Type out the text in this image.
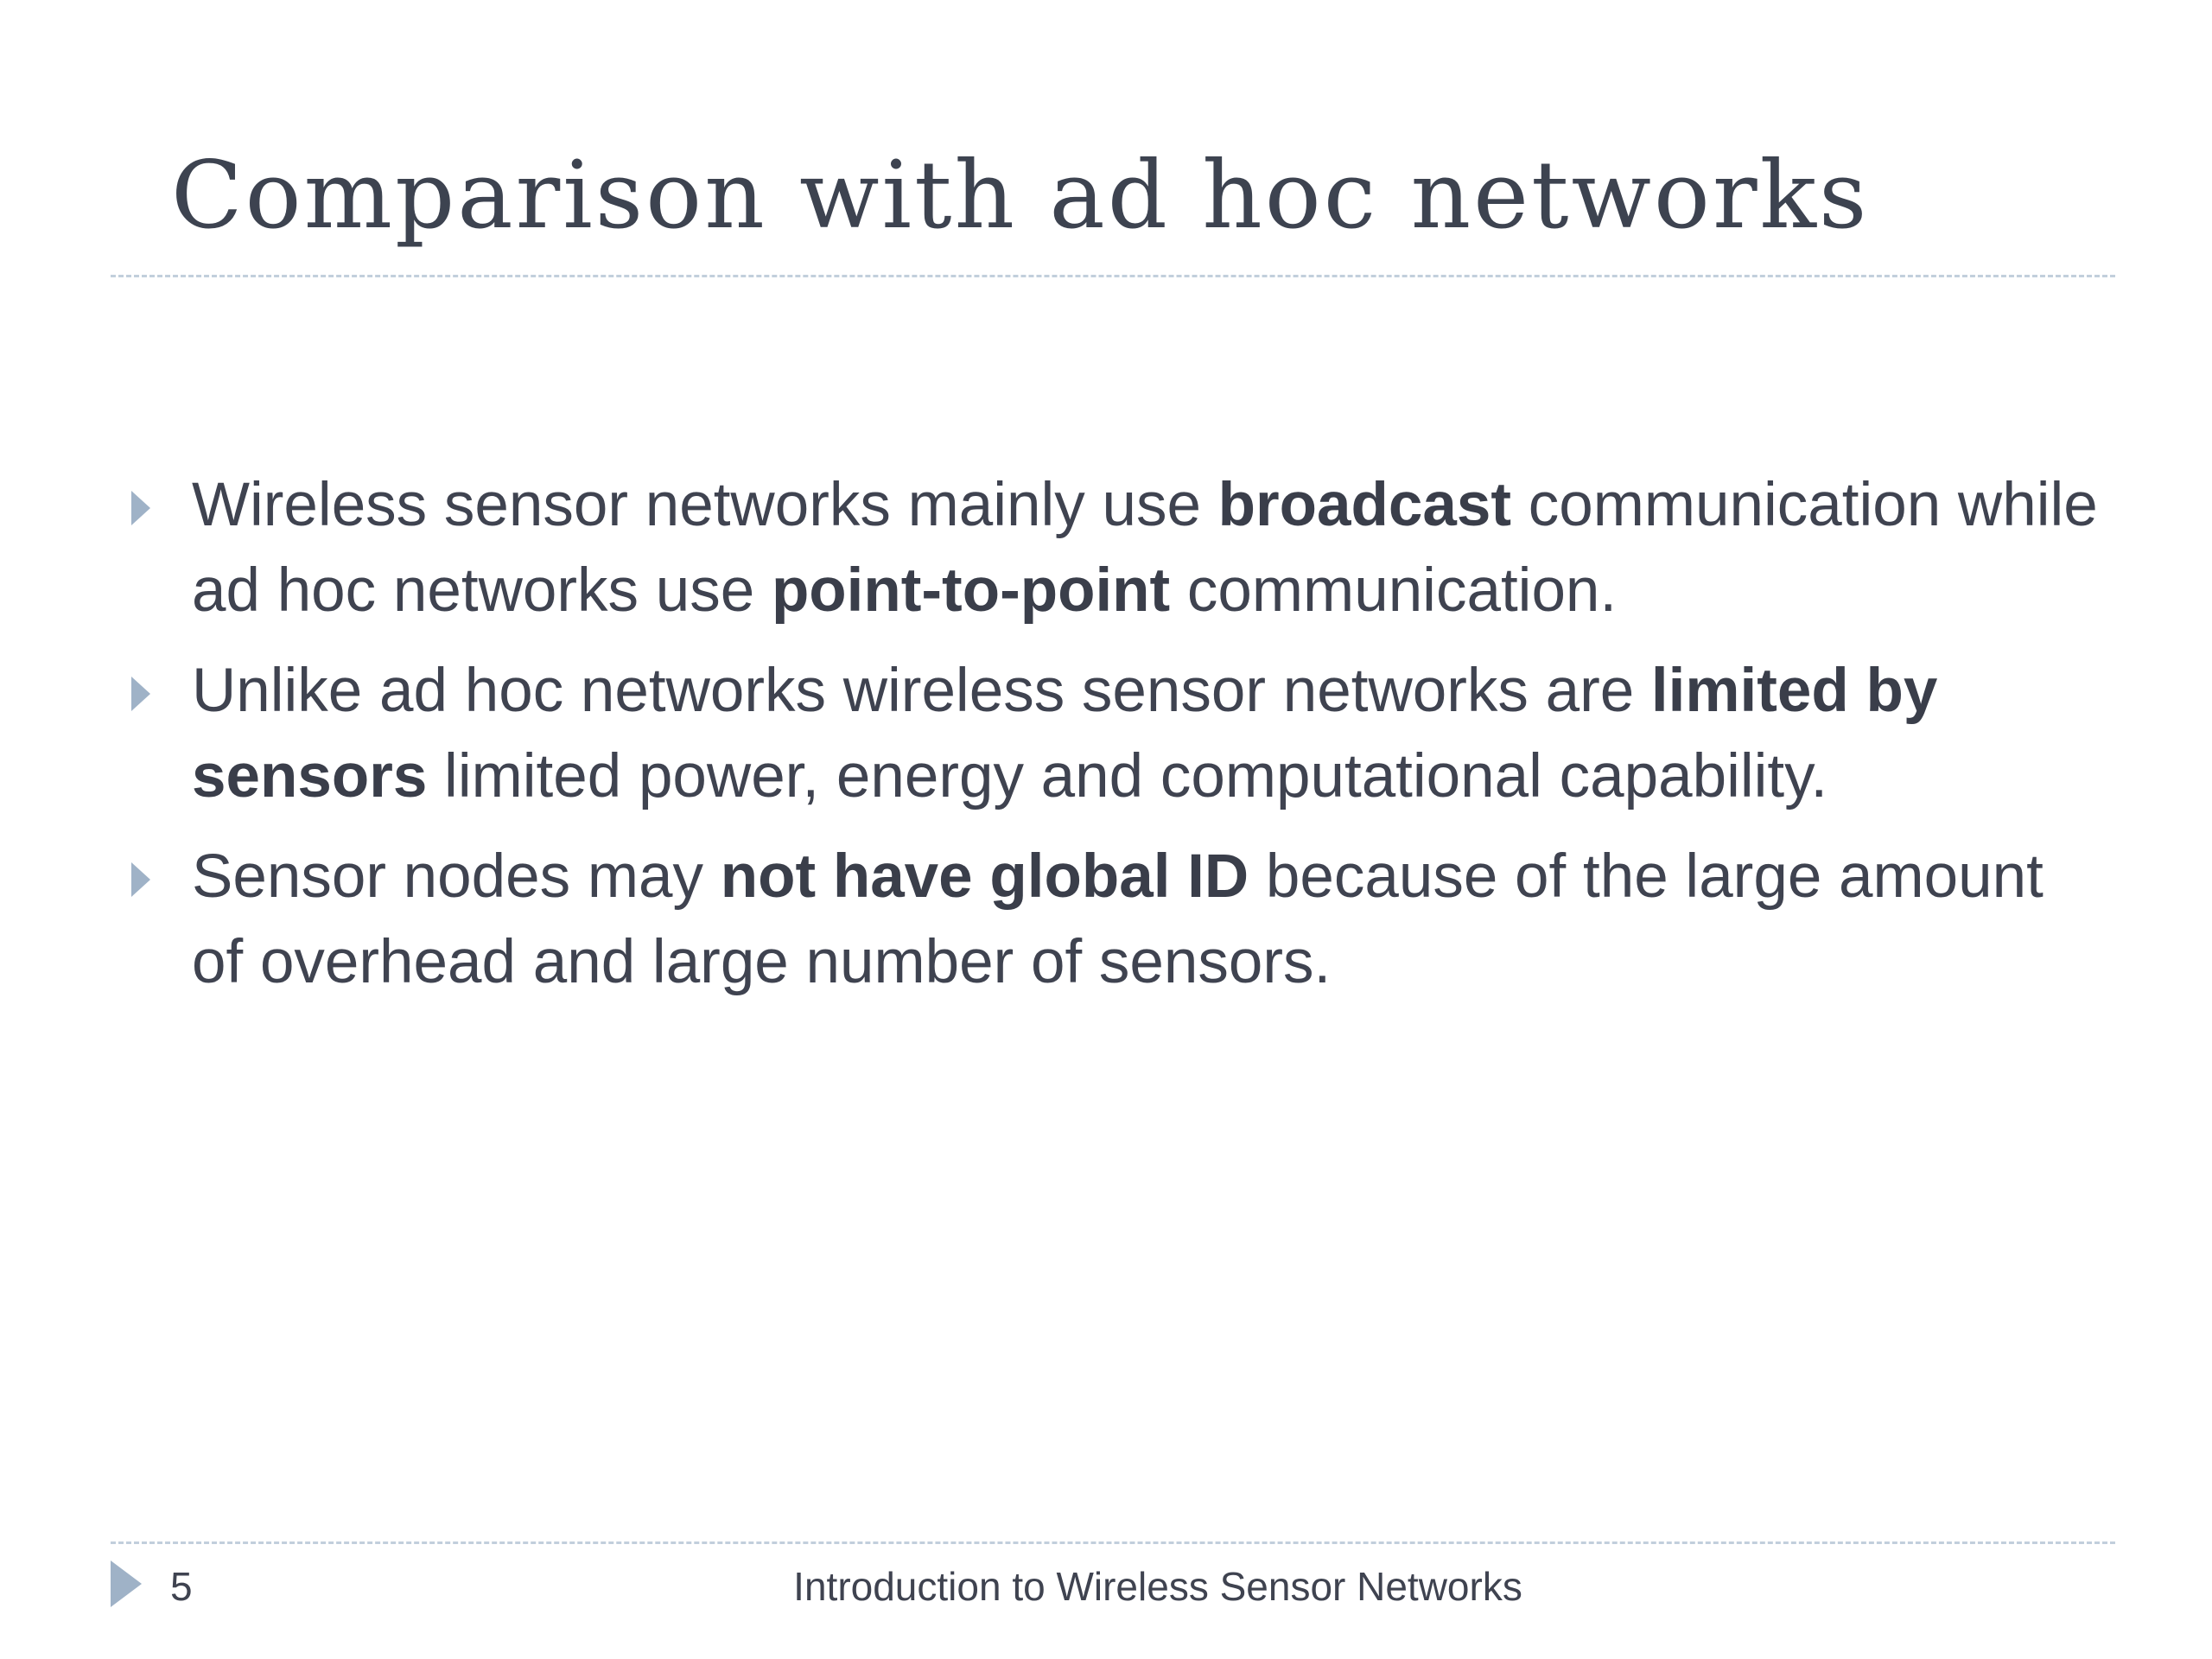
Comparison with ad hoc networks
Wireless sensor networks mainly use broadcast communication while ad hoc networks use point-to-point communication.
Unlike ad hoc networks wireless sensor networks are limited by sensors limited power, energy and computational capability.
Sensor nodes may not have global ID because of the large amount of overhead and large number of sensors.
5	Introduction to Wireless Sensor Networks
